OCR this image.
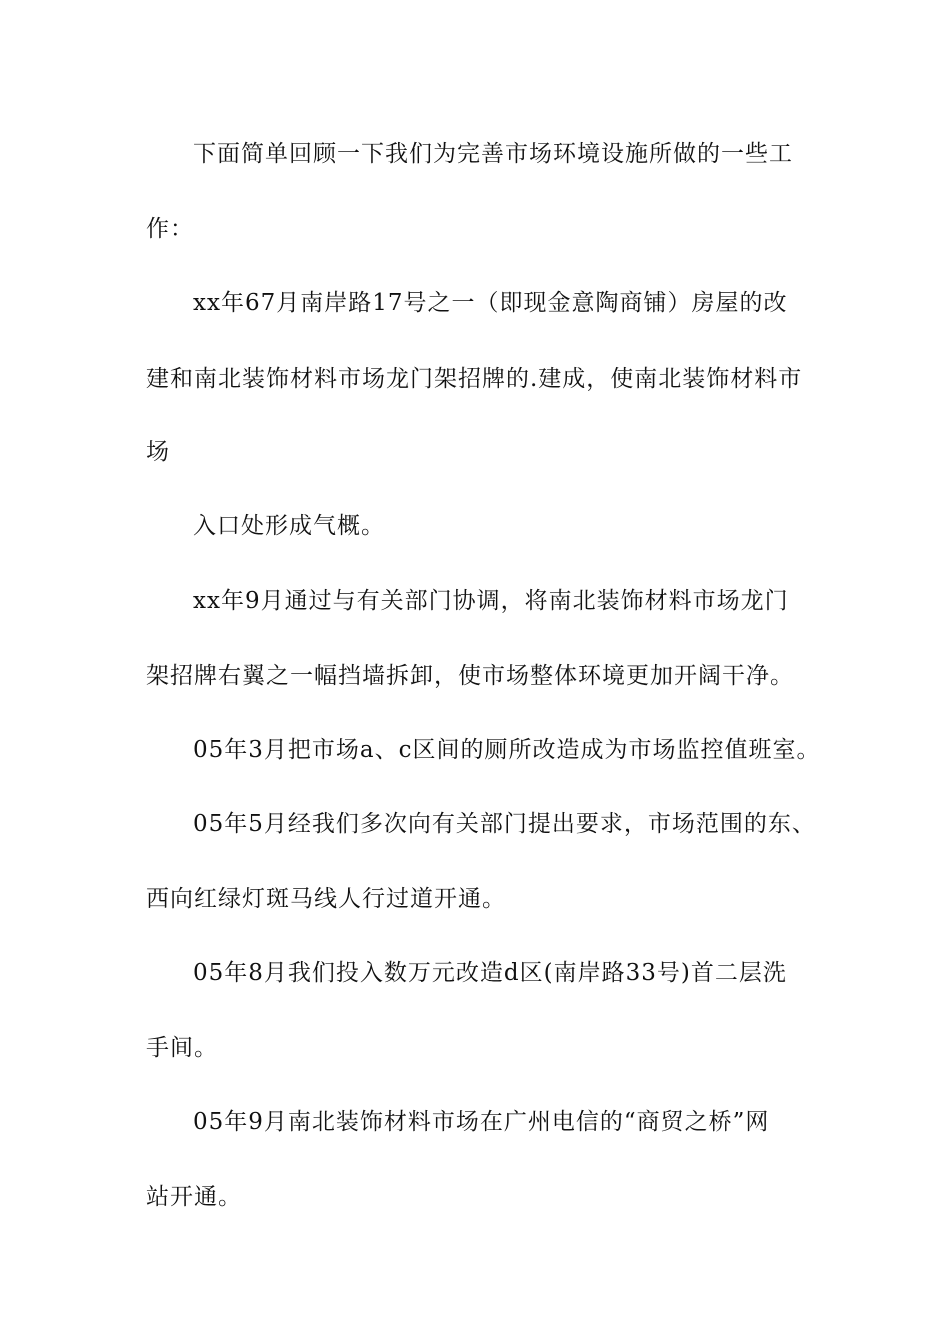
下面简单回顾一下我们为完善市场环境设施所做的一些工
作：
xx年67月南岸路17号之一（即现金意陶商铺）房屋的改
建和南北装饰材料市场龙门架招牌的.建成，使南北装饰材料市
场
入口处形成气概。
xx年9月通过与有关部门协调，将南北装饰材料市场龙门
架招牌右翼之一幅挡墙拆卸，使市场整体环境更加开阔干净。
05年3月把市场a、c区间的厕所改造成为市场监控值班室。
05年5月经我们多次向有关部门提出要求，市场范围的东、
西向红绿灯斑马线人行过道开通。
05年8月我们投入数万元改造d区(南岸路33号)首二层洗
手间。
05年9月南北装饰材料市场在广州电信的“商贸之桥”网
站开通。
